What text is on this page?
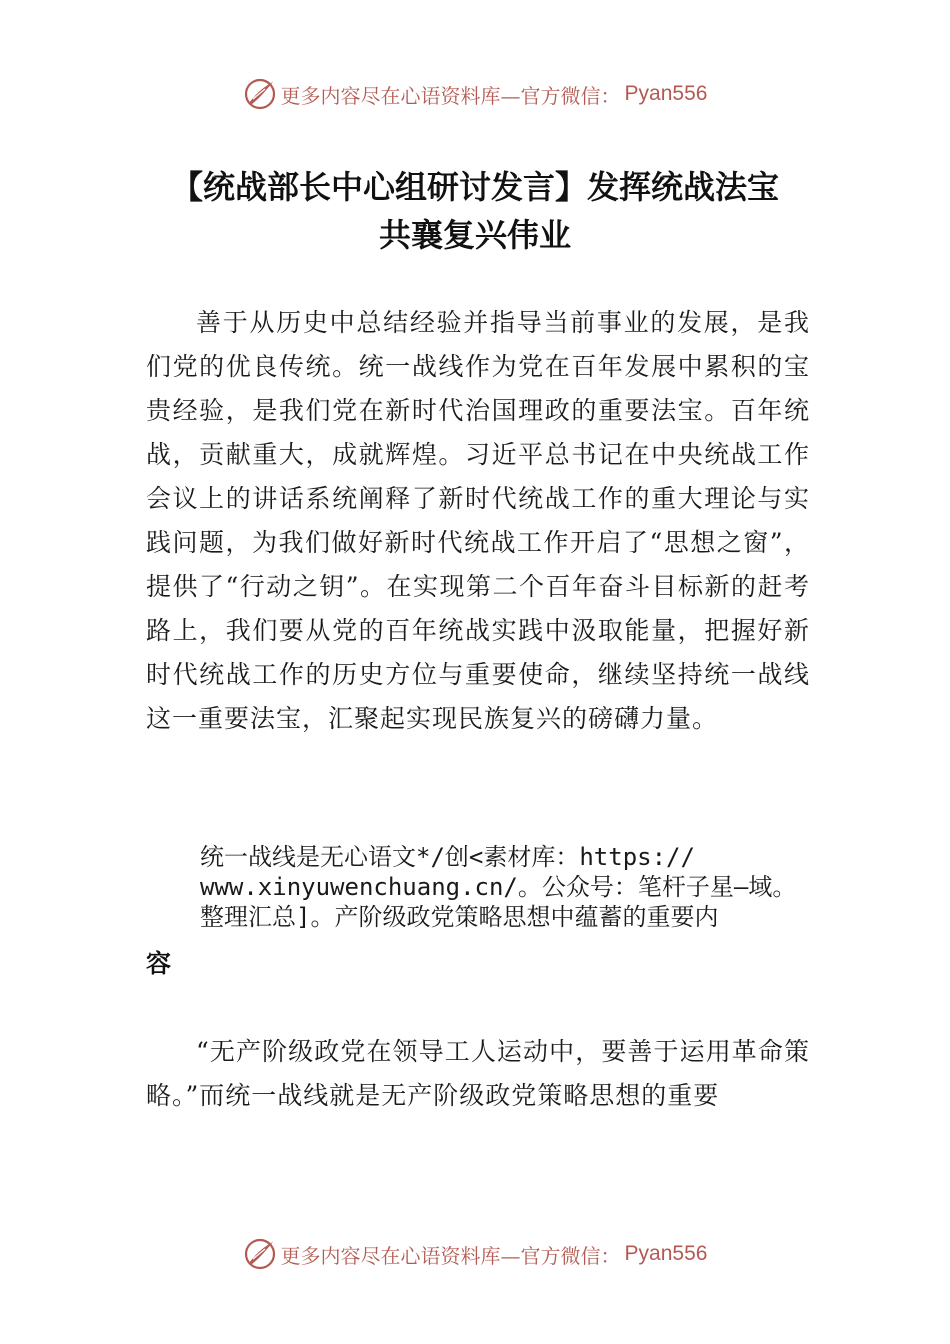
更多内容尽在心语资料库—官方微信： Pyan556
【统战部长中心组研讨发言】发挥统战法宝
共襄复兴伟业
善于从历史中总结经验并指导当前事业的发展，是我们党的优良传统。统一战线作为党在百年发展中累积的宝贵经验，是我们党在新时代治国理政的重要法宝。百年统战，贡献重大，成就辉煌。习近平总书记在中央统战工作会议上的讲话系统阐释了新时代统战工作的重大理论与实践问题，为我们做好新时代统战工作开启了“思想之窗”，提供了“行动之钥”。在实现第二个百年奋斗目标新的赶考路上，我们要从党的百年统战实践中汲取能量，把握好新时代统战工作的历史方位与重要使命，继续坚持统一战线这一重要法宝，汇聚起实现民族复兴的磅礴力量。
统一战线是无心语文*/创<素材库：https://
www.xinyuwenchuang.cn/。公众号：笔杆子星—域。
整理汇总]。产阶级政党策略思想中蕴蓄的重要内
容
“无产阶级政党在领导工人运动中，要善于运用革命策略。”而统一战线就是无产阶级政党策略思想的重要
更多内容尽在心语资料库—官方微信： Pyan556
